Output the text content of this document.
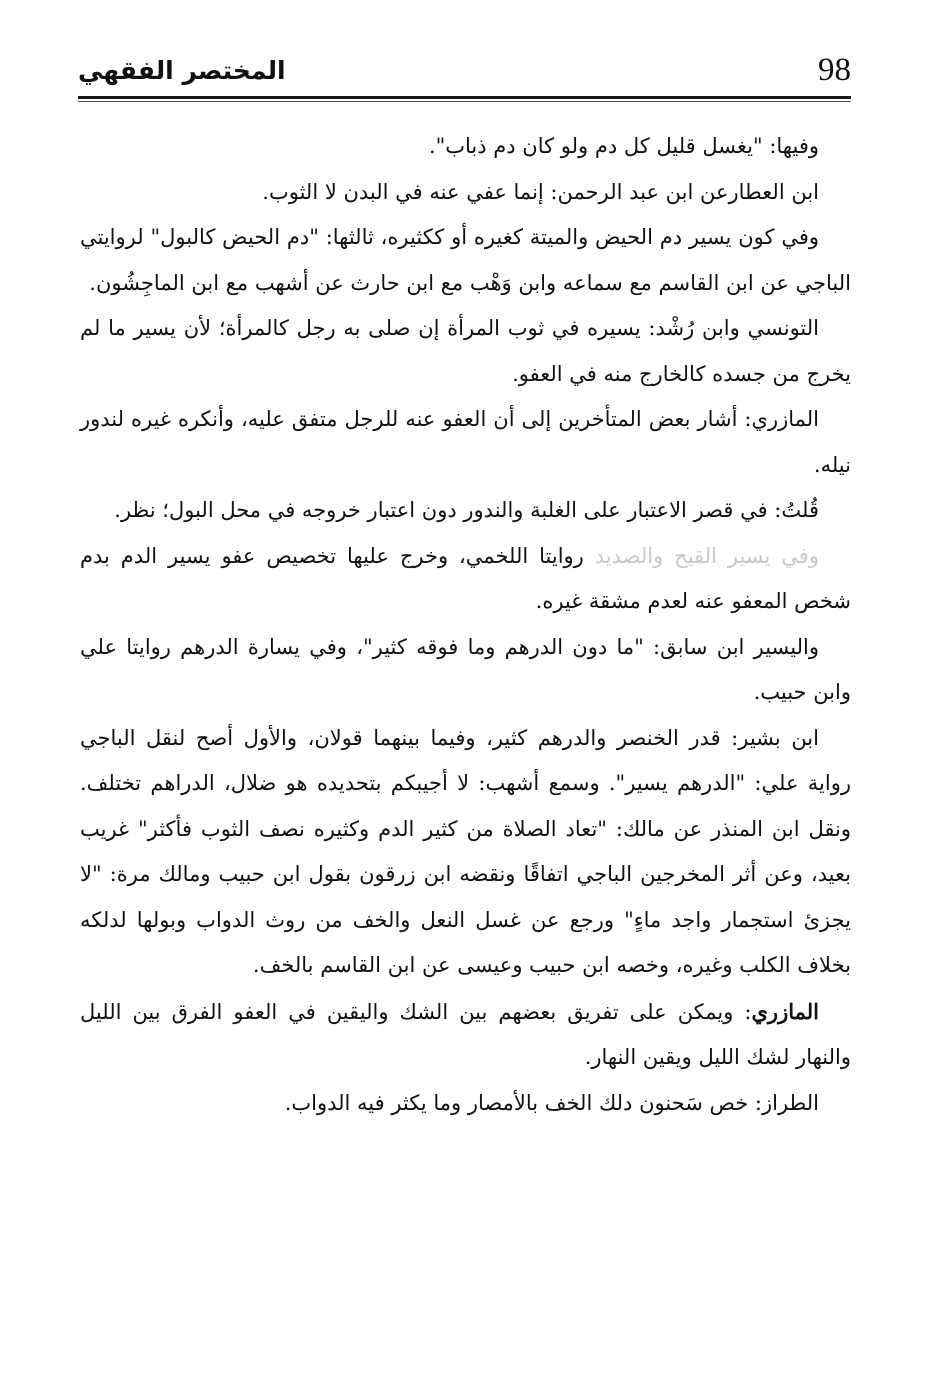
98
المختصر الفقهي

وفيها: "يغسل قليل كل دم ولو كان دم ذباب".

ابن العطارعن ابن عبد الرحمن: إنما عفي عنه في البدن لا الثوب.

وفي كون يسير دم الحيض والميتة كغيره أو ككثيره، ثالثها: "دم الحيض كالبول" لروايتي الباجي عن ابن القاسم مع سماعه وابن وَهْب مع ابن حارث عن أشهب مع ابن الماجِشُون.

التونسي وابن رُشْد: يسيره في ثوب المرأة إن صلى به رجل كالمرأة؛ لأن يسير ما لم يخرج من جسده كالخارج منه في العفو.

المازري: أشار بعض المتأخرين إلى أن العفو عنه للرجل متفق عليه، وأنكره غيره لندور نيله.

قُلتُ: في قصر الاعتبار على الغلبة والندور دون اعتبار خروجه في محل البول؛ نظر.

وفي يسير القيح والصديد روايتا اللخمي، وخرج عليها تخصيص عفو يسير الدم بدم شخص المعفو عنه لعدم مشقة غيره.

واليسير ابن سابق: "ما دون الدرهم وما فوقه كثير"، وفي يسارة الدرهم روايتا علي وابن حبيب.

ابن بشير: قدر الخنصر والدرهم كثير، وفيما بينهما قولان، والأول أصح لنقل الباجي رواية علي: "الدرهم يسير". وسمع أشهب: لا أجيبكم بتحديده هو ضلال، الدراهم تختلف. ونقل ابن المنذر عن مالك: "تعاد الصلاة من كثير الدم وكثيره نصف الثوب فأكثر" غريب بعيد، وعن أثر المخرجين الباجي اتفاقًا ونقضه ابن زرقون بقول ابن حبيب ومالك مرة: "لا يجزئ استجمار واجد ماءٍ" ورجع عن غسل النعل والخف من روث الدواب وبولها لدلكه بخلاف الكلب وغيره، وخصه ابن حبيب وعيسى عن ابن القاسم بالخف.

المازري: ويمكن على تفريق بعضهم بين الشك واليقين في العفو الفرق بين الليل والنهار لشك الليل ويقين النهار.

الطراز: خص سَحنون دلك الخف بالأمصار وما يكثر فيه الدواب.
